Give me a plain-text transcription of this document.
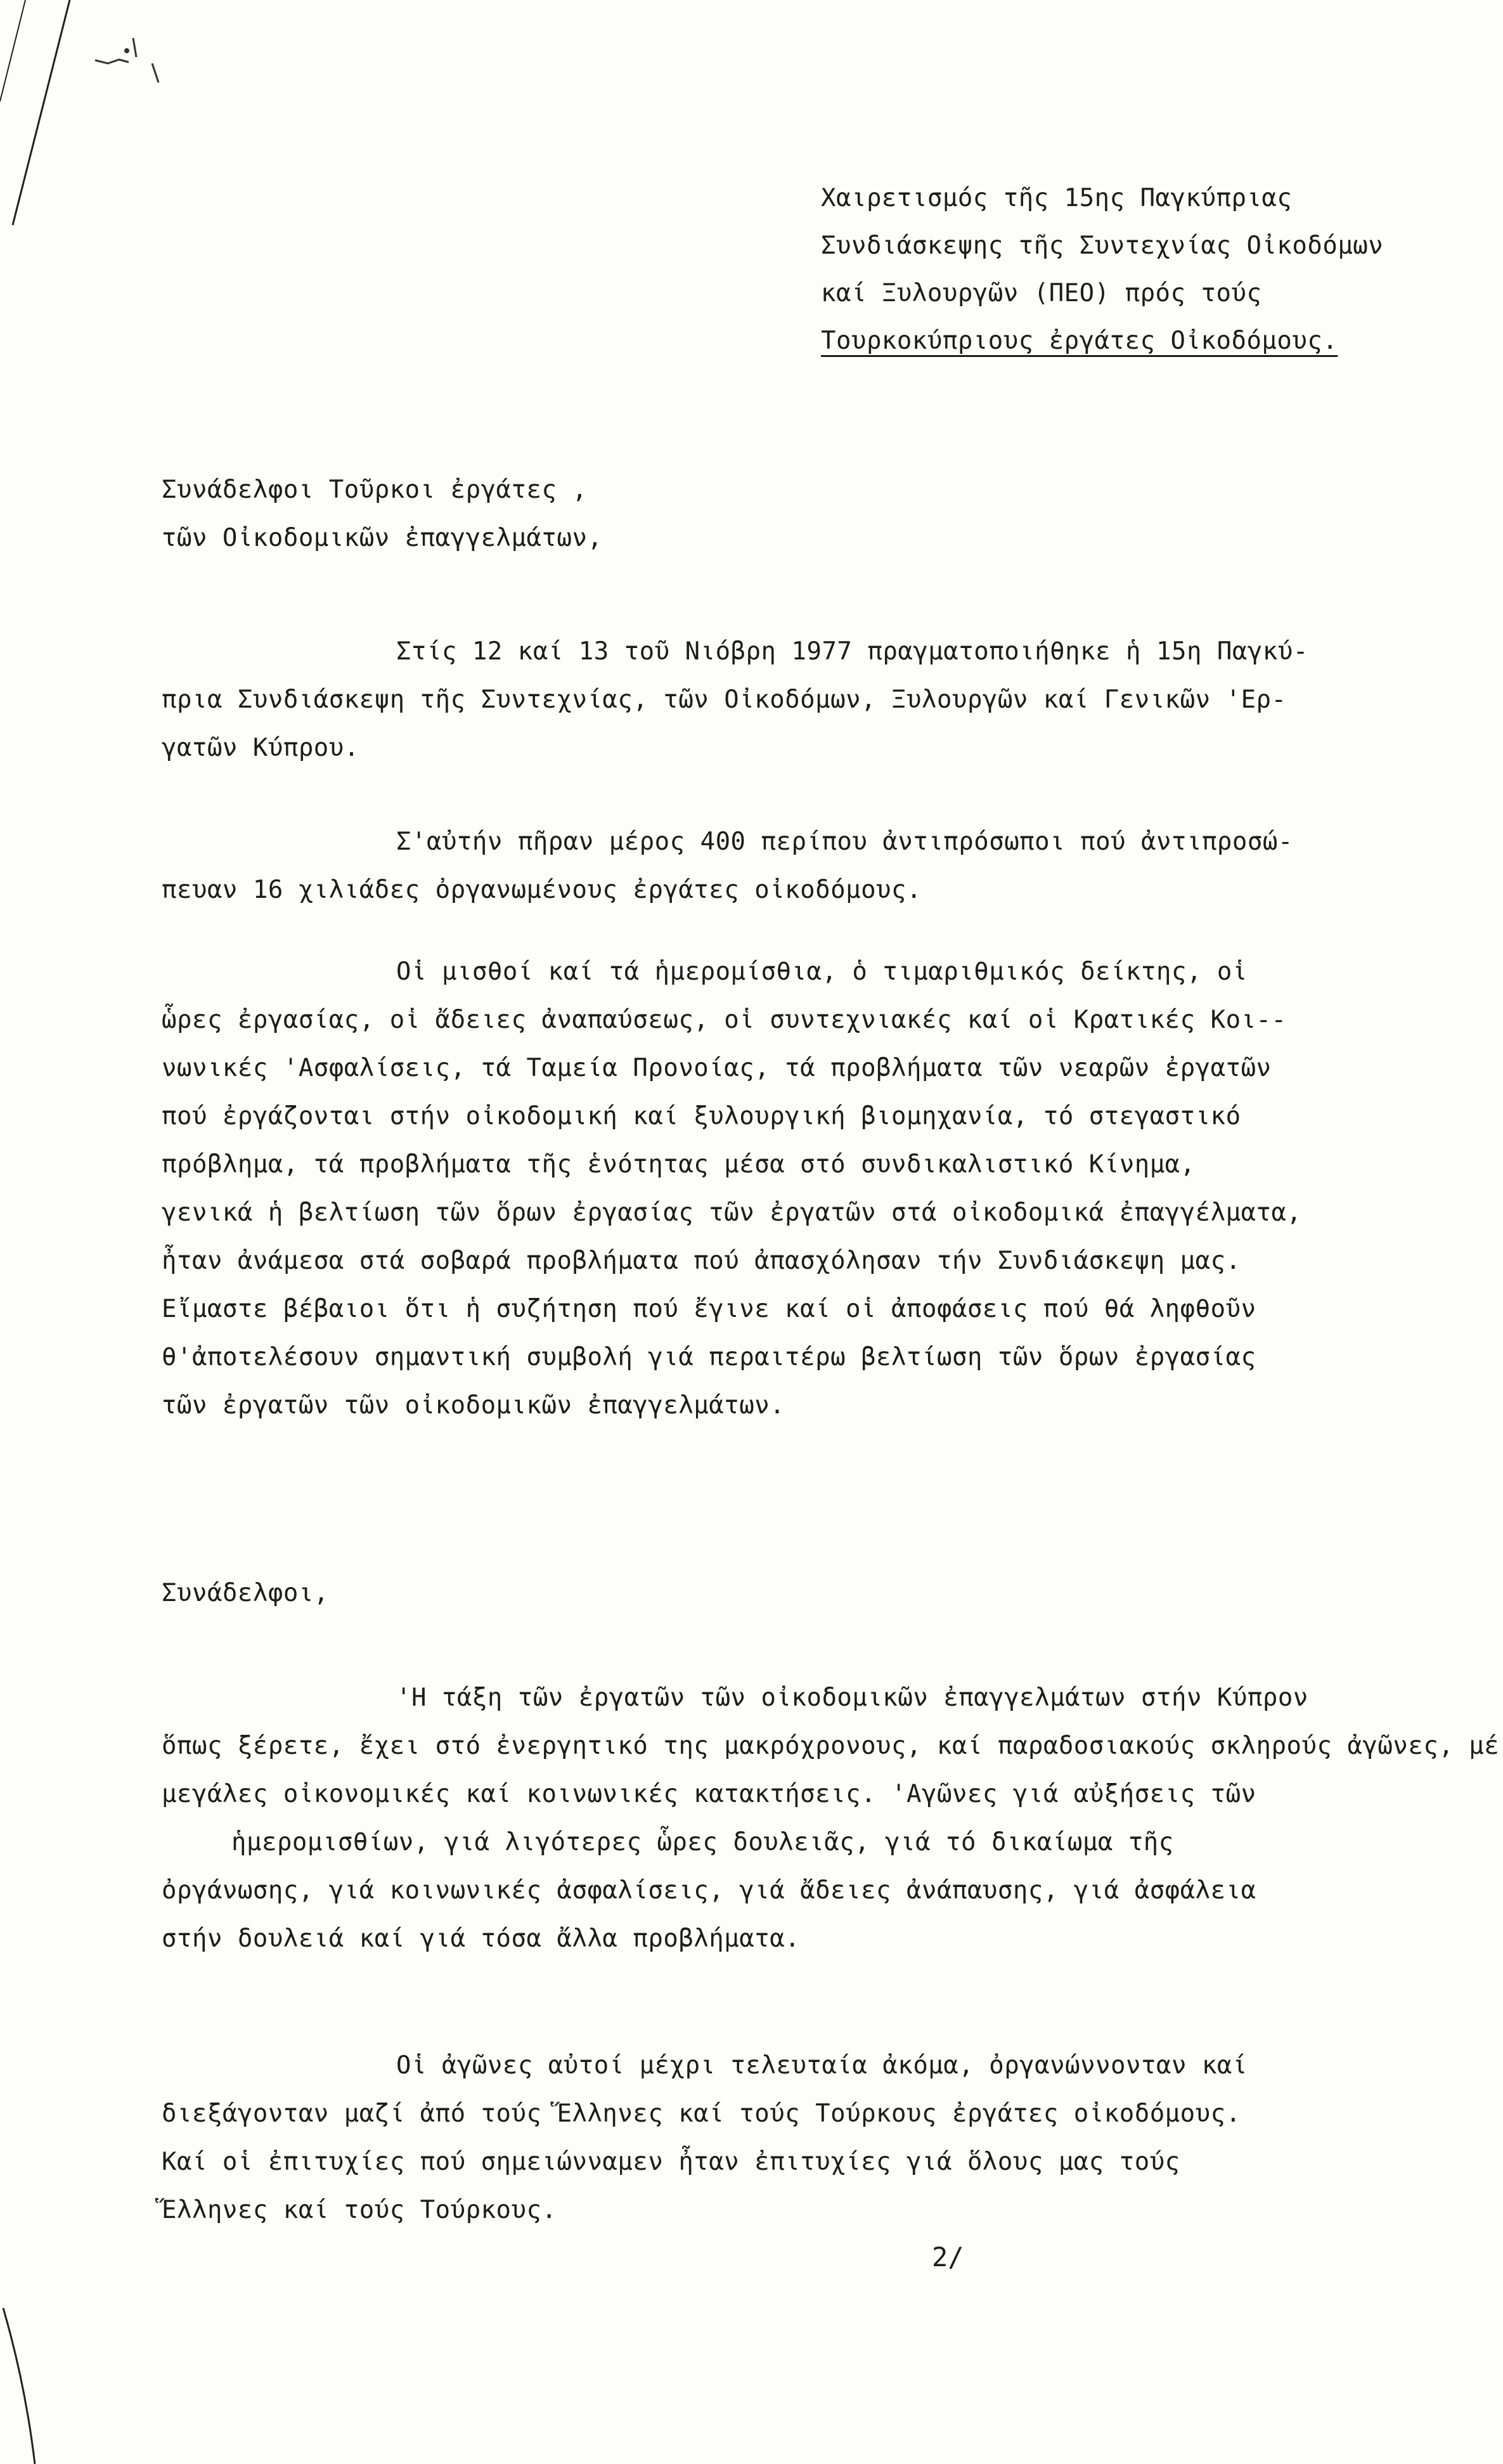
Χαιρετισμός τῆς 15ης Παγκύπριας
Συνδιάσκεψης τῆς Συντεχνίας Οἰκοδόμων
καί Ξυλουργῶν (ΠΕΟ) πρός τούς
Τουρκοκύπριους ἐργάτες Οἰκοδόμους.
Συνάδελφοι Τοῦρκοι ἐργάτες ,
τῶν Οἰκοδομικῶν ἐπαγγελμάτων,
Στίς 12 καί 13 τοῦ Νιόβρη 1977 πραγματοποιήθηκε ἡ 15η Παγκύ-
πρια Συνδιάσκεψη τῆς Συντεχνίας, τῶν Οἰκοδόμων, Ξυλουργῶν καί Γενικῶν 'Ερ-
γατῶν Κύπρου.
Σ'αὐτήν πῆραν μέρος 400 περίπου ἀντιπρόσωποι πού ἀντιπροσώ-
πευαν 16 χιλιάδες ὀργανωμένους ἐργάτες οἰκοδόμους.
Οἱ μισθοί καί τά ἡμερομίσθια, ὁ τιμαριθμικός δείκτης, οἱ
ὧρες ἐργασίας, οἱ ἄδειες ἀναπαύσεως, οἱ συντεχνιακές καί οἱ Κρατικές Κοι--
νωνικές 'Ασφαλίσεις, τά Ταμεία Προνοίας, τά προβλήματα τῶν νεαρῶν ἐργατῶν
πού ἐργάζονται στήν οἰκοδομική καί ξυλουργική βιομηχανία, τό στεγαστικό
πρόβλημα, τά προβλήματα τῆς ἑνότητας μέσα στό συνδικαλιστικό Κίνημα,
γενικά ἡ βελτίωση τῶν ὅρων ἐργασίας τῶν ἐργατῶν στά οἰκοδομικά ἐπαγγέλματα,
ἦταν ἀνάμεσα στά σοβαρά προβλήματα πού ἀπασχόλησαν τήν Συνδιάσκεψη μας.
Εἴμαστε βέβαιοι ὅτι ἡ συζήτηση πού ἔγινε καί οἱ ἀποφάσεις πού θά ληφθοῦν
θ'ἀποτελέσουν σημαντική συμβολή γιά περαιτέρω βελτίωση τῶν ὅρων ἐργασίας
τῶν ἐργατῶν τῶν οἰκοδομικῶν ἐπαγγελμάτων.
Συνάδελφοι,
'Η τάξη τῶν ἐργατῶν τῶν οἰκοδομικῶν ἐπαγγελμάτων στήν Κύπρον
ὅπως ξέρετε, ἔχει στό ἐνεργητικό της μακρόχρονους, καί παραδοσιακούς σκληρούς ἀγῶνες, μέ
μεγάλες οἰκονομικές καί κοινωνικές κατακτήσεις. 'Αγῶνες γιά αὐξήσεις τῶν
ἡμερομισθίων, γιά λιγότερες ὧρες δουλειᾶς, γιά τό δικαίωμα τῆς
ὀργάνωσης, γιά κοινωνικές ἀσφαλίσεις, γιά ἄδειες ἀνάπαυσης, γιά ἀσφάλεια
στήν δουλειά καί γιά τόσα ἄλλα προβλήματα.
Οἱ ἀγῶνες αὐτοί μέχρι τελευταία ἀκόμα, ὀργανώννονταν καί
διεξάγονταν μαζί ἀπό τούς Ἕλληνες καί τούς Τούρκους ἐργάτες οἰκοδόμους.
Καί οἱ ἐπιτυχίες πού σημειώνναμεν ἦταν ἐπιτυχίες γιά ὅλους μας τούς
Ἕλληνες καί τούς Τούρκους.
2/
